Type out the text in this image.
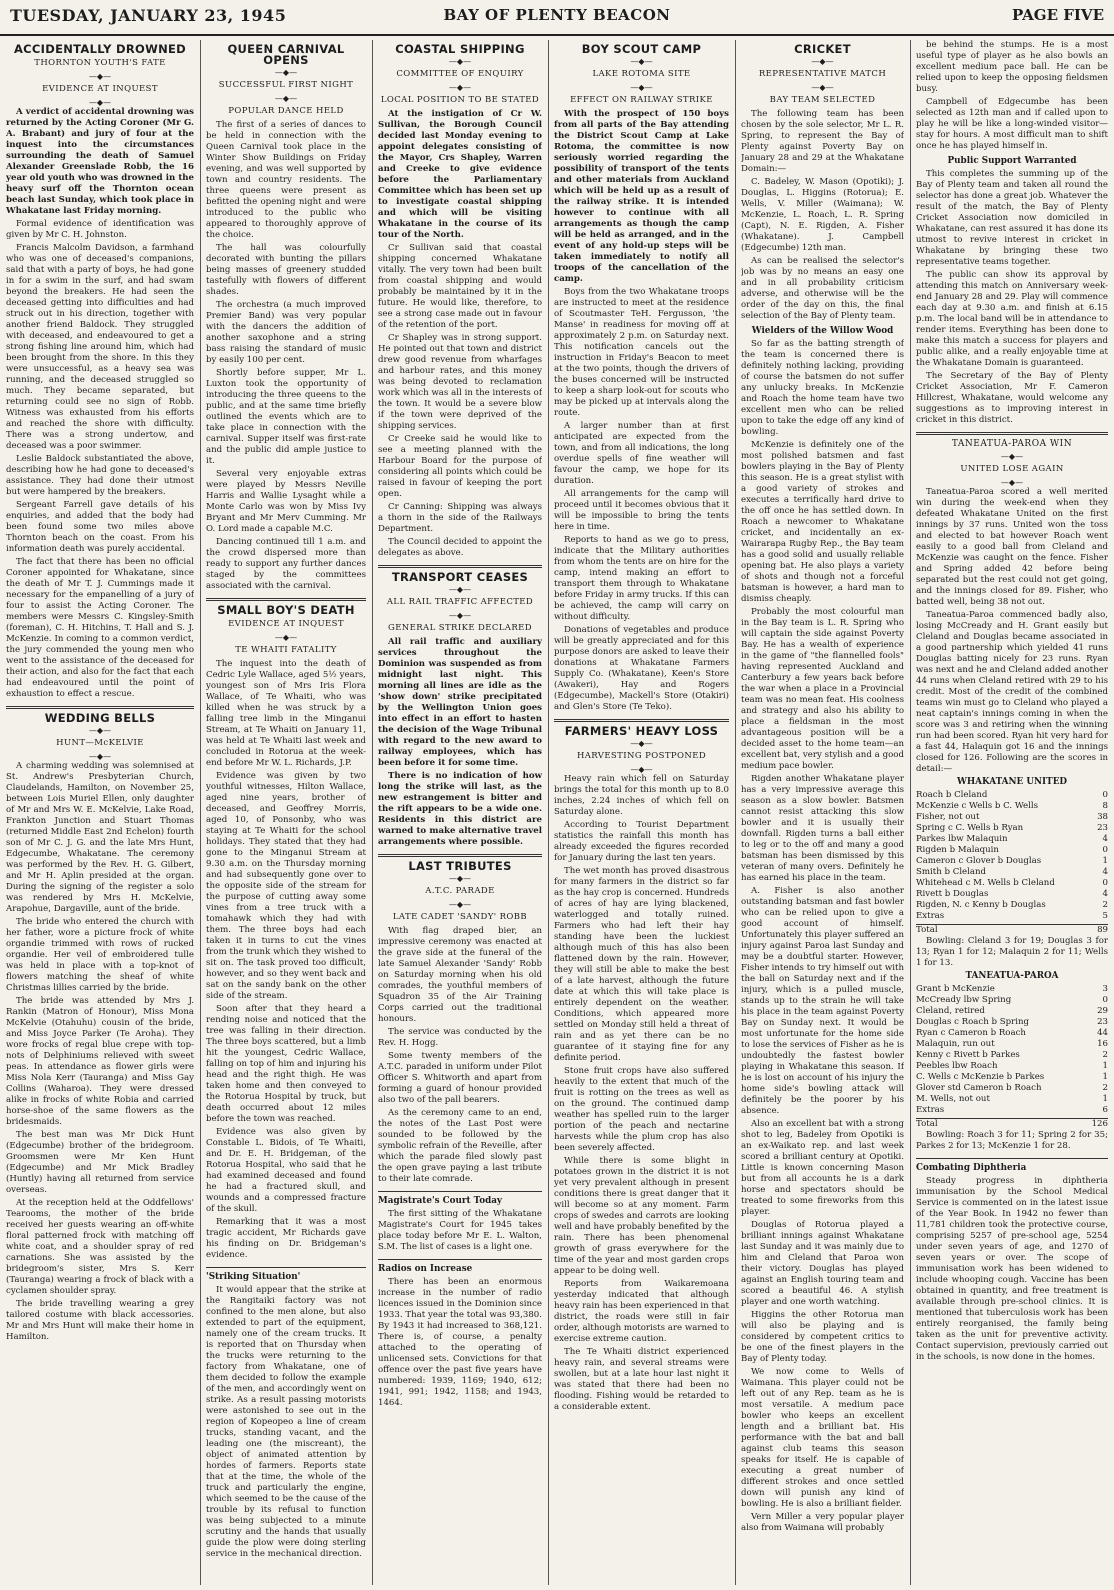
TUESDAY, JANUARY 23, 1945	BAY OF PLENTY BEACON	PAGE FIVE
ACCIDENTALLY DROWNED
THORNTON YOUTH'S FATE
—◆—
EVIDENCE AT INQUEST
—◆—

A verdict of accidental drowning was returned by the Acting Coroner (Mr G. A. Brabant) and jury of four at the inquest into the circumstances surrounding the death of Samuel Alexander Greenslade Robb, the 16 year old youth who was drowned in the heavy surf off the Thornton ocean beach last Sunday, which took place in Whakatane last Friday morning.

Formal evidence of identification was given by Mr C. H. Johnston.

Francis Malcolm Davidson, a farmhand who was one of deceased's companions, said that with a party of boys, he had gone in for a swim in the surf, and had swam beyond the breakers. He had seen the deceased getting into difficulties and had struck out in his direction, together with another friend Baldock. They struggled with deceased, and endeavoured to get a strong fishing line around him, which had been brought from the shore. In this they were unsuccessful, as a heavy sea was running, and the deceased struggled so much. They became separated, but returning could see no sign of Robb. Witness was exhausted from his efforts and reached the shore with difficulty. There was a strong undertow, and deceased was a poor swimmer.

Leslie Baldock substantiated the above, describing how he had gone to deceased's assistance. They had done their utmost but were hampered by the breakers.

Sergeant Farrell gave details of his enquiries, and added that the body had been found some two miles above Thornton beach on the coast. From his information death was purely accidental.

The fact that there has been no official Coroner appointed for Whakatane, since the death of Mr T. J. Cummings made it necessary for the empanelling of a jury of four to assist the Acting Coroner. The members were Messrs C. Kingsley-Smith (foreman), C. H. Hitchins, T. Hall and S. J. McKenzie. In coming to a common verdict, the jury commended the young men who went to the assistance of the deceased for their action, and also for the fact that each had endeavoured until the point of exhaustion to effect a rescue.

WEDDING BELLS
—◆—
HUNT—McKELVIE
—◆—

A charming wedding was solemnised at St. Andrew's Presbyterian Church, Claudelands, Hamilton, on November 25, between Lois Muriel Ellen, only daughter of Mr and Mrs W. E. McKelvie, Lake Road, Frankton Junction and Stuart Thomas (returned Middle East 2nd Echelon) fourth son of Mr C. J. G. and the late Mrs Hunt, Edgecumbe, Whakatane. The ceremony was performed by the Rev. H. G. Gilbert, and Mr H. Aplin presided at the organ. During the signing of the register a solo was rendered by Mrs H. McKelvie, Arapohue, Dargaville, aunt of the bride.

The bride who entered the church with her father, wore a picture frock of white organdie trimmed with rows of rucked organdie. Her veil of embroidered tulle was held in place with a top-knot of flowers matching the sheaf of white Christmas lillies carried by the bride.

The bride was attended by Mrs J. Rankin (Matron of Honour), Miss Mona McKelvie (Otahuhu) cousin of the bride, and Miss Joyce Parker (Te Aroha). They wore frocks of regal blue crepe with top-nots of Delphiniums relieved with sweet peas. In attendance as flower girls were Miss Nola Kerr (Tauranga) and Miss Gay Collins (Waharoa). They were dressed alike in frocks of white Robia and carried horse-shoe of the same flowers as the bridesmaids.

The best man was Mr Dick Hunt (Edgecumbe) brother of the bridegroom. Groomsmen were Mr Ken Hunt (Edgecumbe) and Mr Mick Bradley (Huntly) having all returned from service overseas.

At the reception held at the Oddfellows' Tearooms, the mother of the bride received her guests wearing an off-white floral patterned frock with matching off white coat, and a shoulder spray of red carnations. She was assisted by the bridegroom's sister, Mrs S. Kerr (Tauranga) wearing a frock of black with a cyclamen shoulder spray.

The bride travelling wearing a grey tailored costume with black accessories. Mr and Mrs Hunt will make their home in Hamilton.

QUEEN CARNIVAL OPENS
—◆—
SUCCESSFUL FIRST NIGHT
—◆—
POPULAR DANCE HELD

The first of a series of dances to be held in connection with the Queen Carnival took place in the Winter Show Buildings on Friday evening, and was well supported by town and country residents. The three queens were present as befitted the opening night and were introduced to the public who appeared to thoroughly approve of the choice.

The hall was colourfully decorated with bunting the pillars being masses of greenery studded tastefully with flowers of different shades.

The orchestra (a much improved Premier Band) was very popular with the dancers the addition of another saxophone and a string bass raising the standard of music by easily 100 per cent.

Shortly before supper, Mr L. Luxton took the opportunity of introducing the three queens to the public, and at the same time briefly outlined the events which are to take place in connection with the carnival. Supper itself was first-rate and the public did ample justice to it.

Several very enjoyable extras were played by Messrs Neville Harris and Wallie Lysaght while a Monte Carlo was won by Miss Ivy Bryant and Mr Merv Cumming. Mr O. Lord made a capable M.C.

Dancing continued till 1 a.m. and the crowd dispersed more than ready to support any further dances staged by the committees associated with the carnival.

SMALL BOY'S DEATH
EVIDENCE AT INQUEST
—◆—
TE WHAITI FATALITY

The inquest into the death of Cedric Lyle Wallace, aged 5½ years, youngest son of Mrs Iris Flora Wallace, of Te Whaiti, who was killed when he was struck by a falling tree limb in the Minganui Stream, at Te Whaiti on January 11, was held at Te Whaiti last week and concluded in Rotorua at the week-end before Mr W. L. Richards, J.P.

Evidence was given by two youthful witnesses, Hilton Wallace, aged nine years, brother of deceased, and Geoffrey Morris, aged 10, of Ponsonby, who was staying at Te Whaiti for the school holidays. They stated that they had gone to the Minganui Stream at 9.30 a.m. on the Thursday morning and had subsequently gone over to the opposite side of the stream for the purpose of cutting away some vines from a tree truck with a tomahawk which they had with them. The three boys had each taken it in turns to cut the vines from the trunk which they wished to sit on. The task proved too difficult, however, and so they went back and sat on the sandy bank on the other side of the stream.

Soon after that they heard a rending noise and noticed that the tree was falling in their direction. The three boys scattered, but a limb hit the youngest, Cedric Wallace, falling on top of him and injuring his head and the right thigh. He was taken home and then conveyed to the Rotorua Hospital by truck, but death occurred about 12 miles before the town was reached.

Evidence was also given by Constable L. Bidois, of Te Whaiti, and Dr. E. H. Bridgeman, of the Rotorua Hospital, who said that he had examined deceased and found he had a fractured skull, and wounds and a compressed fracture of the skull.

Remarking that it was a most tragic accident, Mr Richards gave his finding on Dr. Bridgeman's evidence.

'Striking Situation'

It would appear that the strike at the Rangitaiki factory was not confined to the men alone, but also extended to part of the equipment, namely one of the cream trucks. It is reported that on Thursday when the trucks were returning to the factory from Whakatane, one of them decided to follow the example of the men, and accordingly went on strike. As a result passing motorists were astonished to see out in the region of Kopeopeo a line of cream trucks, standing vacant, and the leading one (the miscreant), the object of animated attention by hordes of farmers. Reports state that at the time, the whole of the truck and particularly the engine, which seemed to be the cause of the trouble by its refusal to function was being subjected to a minute scrutiny and the hands that usually guide the plow were doing sterling service in the mechanical direction.

COASTAL SHIPPING
—◆—
COMMITTEE OF ENQUIRY
—◆—
LOCAL POSITION TO BE STATED

At the instigation of Cr W. Sullivan, the Borough Council decided last Monday evening to appoint delegates consisting of the Mayor, Crs Shapley, Warren and Creeke to give evidence before the Parliamentary Committee which has been set up to investigate coastal shipping and which will be visiting Whakatane in the course of its tour of the North.

Cr Sullivan said that coastal shipping concerned Whakatane vitally. The very town had been built from coastal shipping and would probably be maintained by it in the future. He would like, therefore, to see a strong case made out in favour of the retention of the port.

Cr Shapley was in strong support. He pointed out that town and district drew good revenue from wharfages and harbour rates, and this money was being devoted to reclamation work which was all in the interests of the town. It would be a severe blow if the town were deprived of the shipping services.

Cr Creeke said he would like to see a meeting planned with the Harbour Board for the purpose of considering all points which could be raised in favour of keeping the port open.

Cr Canning: Shipping was always a thorn in the side of the Railways Department.

The Council decided to appoint the delegates as above.

TRANSPORT CEASES
—◆—
ALL RAIL TRAFFIC AFFECTED
—◆—
GENERAL STRIKE DECLARED

All rail traffic and auxiliary services throughout the Dominion was suspended as from midnight last night. This morning all lines are idle as the 'show down' strike precipitated by the Wellington Union goes into effect in an effort to hasten the decision of the Wage Tribunal with regard to the new award to railway employees, which has been before it for some time.

There is no indication of how long the strike will last, as the new estrangement is bitter and the rift appears to be a wide one. Residents in this district are warned to make alternative travel arrangements where possible.

LAST TRIBUTES
—◆—
A.T.C. PARADE
—◆—
LATE CADET 'SANDY' ROBB

With flag draped bier, an impressive ceremony was enacted at the grave side at the funeral of the late Samuel Alexander 'Sandy' Robb on Saturday morning when his old comrades, the youthful members of Squadron 35 of the Air Training Corps carried out the traditional honours.

The service was conducted by the Rev. H. Hogg.

Some twenty members of the A.T.C. paraded in uniform under Pilot Officer S. Whitworth and apart from forming a guard of honour provided also two of the pall bearers.

As the ceremony came to an end, the notes of the Last Post were sounded to be followed by the symbolic refrain of the Reveille, after which the parade filed slowly past the open grave paying a last tribute to their late comrade.

Magistrate's Court Today

The first sitting of the Whakatane Magistrate's Court for 1945 takes place today before Mr E. L. Walton, S.M. The list of cases is a light one.

Radios on Increase

There has been an enormous increase in the number of radio licences issued in the Dominion since 1933. That year the total was 93,380. By 1943 it had increased to 368,121. There is, of course, a penalty attached to the operating of unlicensed sets. Convictions for that offence over the past five years have numbered: 1939, 1169; 1940, 612; 1941, 991; 1942, 1158; and 1943, 1464.

BOY SCOUT CAMP
—◆—
LAKE ROTOMA SITE
—◆—
EFFECT ON RAILWAY STRIKE

With the prospect of 150 boys from all parts of the Bay attending the District Scout Camp at Lake Rotoma, the committee is now seriously worried regarding the possibility of transport of the tents and other materials from Auckland which will be held up as a result of the railway strike. It is intended however to continue with all arrangements as though the camp will be held as arranged, and in the event of any hold-up steps will be taken immediately to notify all troops of the cancellation of the camp.

Boys from the two Whakatane troops are instructed to meet at the residence of Scoutmaster TeH. Fergusson, 'the Manse' in readiness for moving off at approximately 2 p.m. on Saturday next. This notification cancels out the instruction in Friday's Beacon to meet at the two points, though the drivers of the buses concerned will be instructed to keep a sharp look-out for scouts who may be picked up at intervals along the route.

A larger number than at first anticipated are expected from the town, and from all indications, the long overdue spells of fine weather will favour the camp, we hope for its duration.

All arrangements for the camp will proceed until it becomes obvious that it will be impossible to bring the tents here in time.

Reports to hand as we go to press, indicate that the Military authorities from whom the tents are on hire for the camp, intend making an effort to transport them through to Whakatane before Friday in army trucks. If this can be achieved, the camp will carry on without difficulty.

Donations of vegetables and produce will be greatly appreciated and for this purpose donors are asked to leave their donations at Whakatane Farmers Supply Co. (Whakatane), Keen's Store (Awakeri), Hay and Rogers (Edgecumbe), Mackell's Store (Otakiri) and Glen's Store (Te Teko).

FARMERS' HEAVY LOSS
—◆—
HARVESTING POSTPONED
—◆—

Heavy rain which fell on Saturday brings the total for this month up to 8.0 inches, 2.24 inches of which fell on Saturday alone.

According to Tourist Department statistics the rainfall this month has already exceeded the figures recorded for January during the last ten years.

The wet month has proved disastrous for many farmers in the district so far as the hay crop is concerned. Hundreds of acres of hay are lying blackened, waterlogged and totally ruined. Farmers who had left their hay standing have been the luckiest although much of this has also been flattened down by the rain. However, they will still be able to make the best of a late harvest, although the future date at which this will take place is entirely dependent on the weather. Conditions, which appeared more settled on Monday still held a threat of rain and as yet there can be no guarantee of it staying fine for any definite period.

Stone fruit crops have also suffered heavily to the extent that much of the fruit is rotting on the trees as well as on the ground. The continued damp weather has spelled ruin to the larger portion of the peach and nectarine harvests while the plum crop has also been severely affected.

While there is some blight in potatoes grown in the district it is not yet very prevalent although in present conditions there is great danger that it will become so at any moment. Farm crops of swedes and carrots are looking well and have probably benefited by the rain. There has been phenomenal growth of grass everywhere for the time of the year and most garden crops appear to be doing well.

Reports from Waikaremoana yesterday indicated that although heavy rain has been experienced in that district, the roads were still in fair order, although motorists are warned to exercise extreme caution.

The Te Whaiti district experienced heavy rain, and several streams were swollen, but at a late hour last night it was stated that there had been no flooding. Fishing would be retarded to a considerable extent.

CRICKET
—◆—
REPRESENTATIVE MATCH
—◆—
BAY TEAM SELECTED

The following team has been chosen by the sole selector, Mr L. R. Spring, to represent the Bay of Plenty against Poverty Bay on January 28 and 29 at the Whakatane Domain:—

C. Badeley, W. Mason (Opotiki); J. Douglas, L. Higgins (Rotorua); E. Wells, V. Miller (Waimana); W. McKenzie, L. Roach, L. R. Spring (Capt), N. E. Rigden, A. Fisher (Whakatane). J. Campbell (Edgecumbe) 12th man.

As can be realised the selector's job was by no means an easy one and in all probability criticism adverse, and otherwise will be the order of the day on this, the final selection of the Bay of Plenty team.

Wielders of the Willow Wood

So far as the batting strength of the team is concerned there is definitely nothing lacking, providing of course the batsmen do not suffer any unlucky breaks. In McKenzie and Roach the home team have two excellent men who can be relied upon to take the edge off any kind of bowling.

McKenzie is definitely one of the most polished batsmen and fast bowlers playing in the Bay of Plenty this season. He is a great stylist with a good variety of strokes and executes a terrifically hard drive to the off once he has settled down. In Roach a newcomer to Whakatane cricket, and incidentally an ex-Wairarapa Rugby Rep., the Bay team has a good solid and usually reliable opening bat. He also plays a variety of shots and though not a forceful batsman is however, a hard man to dismiss cheaply.

Probably the most colourful man in the Bay team is L. R. Spring who will captain the side against Poverty Bay. He has a wealth of experience in the game of "the flannelled fools" having represented Auckland and Canterbury a few years back before the war when a place in a Provincial team was no mean feat. His coolness and strategy and also his ability to place a fieldsman in the most advantageous position will be a decided asset to the home team—an excellent bat, very stylish and a good medium pace bowler.

Rigden another Whakatane player has a very impressive average this season as a slow bowler. Batsmen cannot resist attacking this slow bowler and it is usually their downfall. Rigden turns a ball either to leg or to the off and many a good batsman has been dismissed by this veteran of many overs. Definitely he has earned his place in the team.

A. Fisher is also another outstanding batsman and fast bowler who can be relied upon to give a good account of himself. Unfortunately this player suffered an injury against Paroa last Sunday and may be a doubtful starter. However, Fisher intends to try himself out with the ball on Saturday next and if the injury, which is a pulled muscle, stands up to the strain he will take his place in the team against Poverty Bay on Sunday next. It would be most unfortunate for the home side to lose the services of Fisher as he is undoubtedly the fastest bowler playing in Whakatane this season. If he is lost on account of his injury the home side's bowling attack will definitely be the poorer by his absence.

Also an excellent bat with a strong shot to leg, Badeley from Opotiki is an ex-Waikato rep. and last week scored a brilliant century at Opotiki. Little is known concerning Mason but from all accounts he is a dark horse and spectators should be treated to some fireworks from this player.

Douglas of Rotorua played a brilliant innings against Whakatane last Sunday and it was mainly due to him and Cleland that Paroa won their victory. Douglas has played against an English touring team and scored a beautiful 46. A stylish player and one worth watching.

Higgins the other Rotorua man will also be playing and is considered by competent critics to be one of the finest players in the Bay of Plenty today.

We now come to Wells of Waimana. This player could not be left out of any Rep. team as he is most versatile. A medium pace bowler who keeps an excellent length and a brilliant bat. His performance with the bat and ball against club teams this season speaks for itself. He is capable of executing a great number of different strokes and once settled down will punish any kind of bowling. He is also a brilliant fielder.

Vern Miller a very popular player also from Waimana will probably

be behind the stumps. He is a most useful type of player as he also bowls an excellent medium pace ball. He can be relied upon to keep the opposing fieldsmen busy.

Campbell of Edgecumbe has been selected as 12th man and if called upon to play he will be like a long-winded visitor—stay for hours. A most difficult man to shift once he has played himself in.

Public Support Warranted

This completes the summing up of the Bay of Plenty team and taken all round the selector has done a great job. Whatever the result of the match, the Bay of Plenty Cricket Association now domiciled in Whakatane, can rest assured it has done its utmost to revive interest in cricket in Whakatane by bringing these two representative teams together.

The public can show its approval by attending this match on Anniversary week-end January 28 and 29. Play will commence each day at 9.30 a.m. and finish at 6.15 p.m. The local band will be in attendance to render items. Everything has been done to make this match a success for players and public alike, and a really enjoyable time at the Whakatane Domain is guaranteed.

The Secretary of the Bay of Plenty Cricket Association, Mr F. Cameron Hillcrest, Whakatane, would welcome any suggestions as to improving interest in cricket in this district.

TANEATUA-PAROA WIN
—◆—
UNITED LOSE AGAIN
—◆—

Taneatua-Paroa scored a well merited win during the week-end when they defeated Whakatane United on the first innings by 37 runs. United won the toss and elected to bat however Roach went easily to a good ball from Cleland and McKenzie was caught on the fence. Fisher and Spring added 42 before being separated but the rest could not get going, and the innings closed for 89. Fisher, who batted well, being 38 not out.

Taneatua-Paroa commenced badly also, losing McCready and H. Grant easily but Cleland and Douglas became associated in a good partnership which yielded 41 runs Douglas batting nicely for 23 runs. Ryan was next and he and Cleland added another 44 runs when Cleland retired with 29 to his credit. Most of the credit of the combined teams win must go to Cleland who played a neat captain's innings coming in when the score was 3 and retiring when the winning run had been scored. Ryan hit very hard for a fast 44, Halaquin got 16 and the innings closed for 126. Following are the scores in detail:—

WHAKATANE UNITED
Roach b Cleland	0
McKenzie c Wells b C. Wells	8
Fisher, not out	38
Spring c C. Wells b Ryan	23
Parkes lbw Malaquin	4
Rigden b Malaquin	0
Cameron c Glover b Douglas	1
Smith b Cleland	4
Whitehead c M. Wells b Cleland	0
Rivett b Douglas	4
Rigden, N. c Kenny b Douglas	2
Extras	5
Total	89

Bowling: Cleland 3 for 19; Douglas 3 for 13; Ryan 1 for 12; Malaquin 2 for 11; Wells 1 for 13.

TANEATUA-PAROA
Grant b McKenzie	3
McCready lbw Spring	0
Cleland, retired	29
Douglas c Roach b Spring	23
Ryan c Cameron b Roach	44
Malaquin, run out	16
Kenny c Rivett b Parkes	2
Peebles lbw Roach	1
C. Wells c McKenzie b Parkes	1
Glover std Cameron b Roach	2
M. Wells, not out	1
Extras	6
Total	126

Bowling: Roach 3 for 11; Spring 2 for 35; Parkes 2 for 13; McKenzie 1 for 28.

Combating Diphtheria

Steady progress in diphtheria immunisation by the School Medical Service is commented on in the latest issue of the Year Book. In 1942 no fewer than 11,781 children took the protective course, comprising 5257 of pre-school age, 5254 under seven years of age, and 1270 of seven years or over. The scope of immunisation work has been widened to include whooping cough. Vaccine has been obtained in quantity, and free treatment is available through pre-school clinics. It is mentioned that tuberculosis work has been entirely reorganised, the family being taken as the unit for preventive activity. Contact supervision, previously carried out in the schools, is now done in the homes.
